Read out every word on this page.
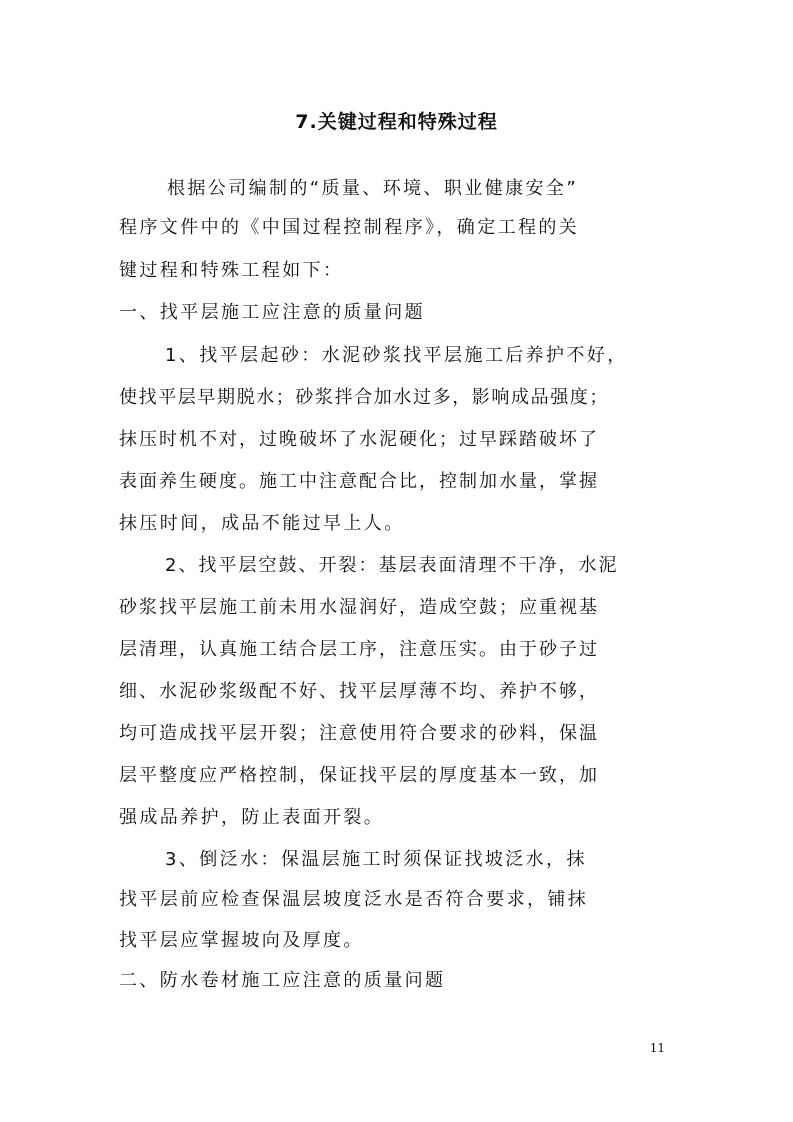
7.关键过程和特殊过程

根据公司编制的“质量、环境、职业健康安全”

程序文件中的《中国过程控制程序》，确定工程的关

键过程和特殊工程如下：

一、找平层施工应注意的质量问题

1、找平层起砂：水泥砂浆找平层施工后养护不好，

使找平层早期脱水；砂浆拌合加水过多，影响成品强度；

抹压时机不对，过晚破坏了水泥硬化；过早踩踏破坏了

表面养生硬度。施工中注意配合比，控制加水量，掌握

抹压时间，成品不能过早上人。

2、找平层空鼓、开裂：基层表面清理不干净，水泥

砂浆找平层施工前未用水湿润好，造成空鼓；应重视基

层清理，认真施工结合层工序，注意压实。由于砂子过

细、水泥砂浆级配不好、找平层厚薄不均、养护不够，

均可造成找平层开裂；注意使用符合要求的砂料，保温

层平整度应严格控制，保证找平层的厚度基本一致，加

强成品养护，防止表面开裂。

3、倒泛水：保温层施工时须保证找坡泛水，抹

找平层前应检查保温层坡度泛水是否符合要求，铺抹

找平层应掌握坡向及厚度。

二、防水卷材施工应注意的质量问题

11
